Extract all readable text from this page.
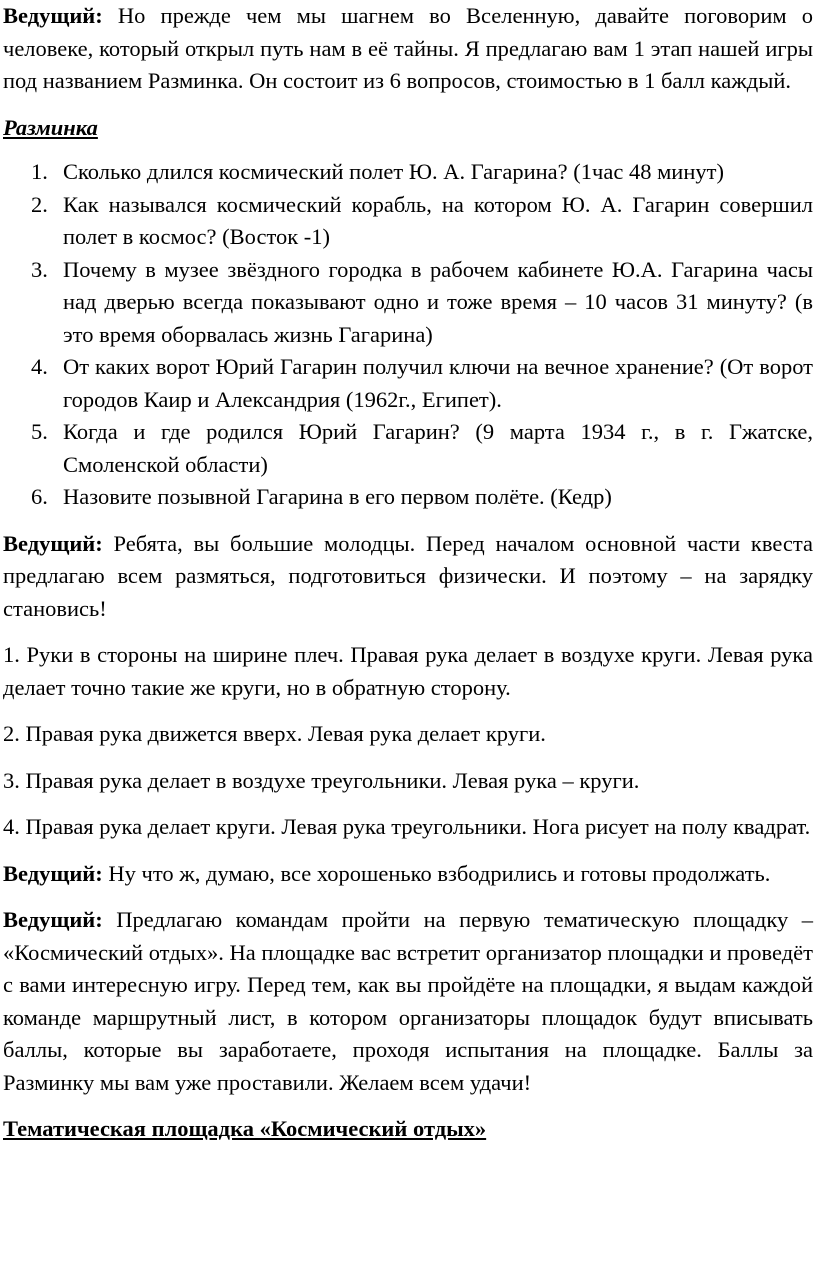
Ведущий: Но прежде чем мы шагнем во Вселенную, давайте поговорим о человеке, который открыл путь нам в её тайны. Я предлагаю вам 1 этап нашей игры под названием Разминка. Он состоит из 6 вопросов, стоимостью в 1 балл каждый.

Разминка

1. Сколько длился космический полет Ю. А. Гагарина? (1час 48 минут)
2. Как назывался космический корабль, на котором Ю. А. Гагарин совершил полет в космос? (Восток -1)
3. Почему в музее звёздного городка в рабочем кабинете Ю.А. Гагарина часы над дверью всегда показывают одно и тоже время – 10 часов 31 минуту? (в это время оборвалась жизнь Гагарина)
4. От каких ворот Юрий Гагарин получил ключи на вечное хранение? (От ворот городов Каир и Александрия (1962г., Египет).
5. Когда и где родился Юрий Гагарин? (9 марта 1934 г., в г. Гжатске, Смоленской области)
6. Назовите позывной Гагарина в его первом полёте. (Кедр)

Ведущий: Ребята, вы большие молодцы. Перед началом основной части квеста предлагаю всем размяться, подготовиться физически. И поэтому – на зарядку становись!

1. Руки в стороны на ширине плеч. Правая рука делает в воздухе круги. Левая рука делает точно такие же круги, но в обратную сторону.

2. Правая рука движется вверх. Левая рука делает круги.

3. Правая рука делает в воздухе треугольники. Левая рука – круги.

4. Правая рука делает круги. Левая рука треугольники. Нога рисует на полу квадрат.

Ведущий: Ну что ж, думаю, все хорошенько взбодрились и готовы продолжать.

Ведущий: Предлагаю командам пройти на первую тематическую площадку – «Космический отдых». На площадке вас встретит организатор площадки и проведёт с вами интересную игру. Перед тем, как вы пройдёте на площадки, я выдам каждой команде маршрутный лист, в котором организаторы площадок будут вписывать баллы, которые вы заработаете, проходя испытания на площадке. Баллы за Разминку мы вам уже проставили. Желаем всем удачи!

Тематическая площадка «Космический отдых»
